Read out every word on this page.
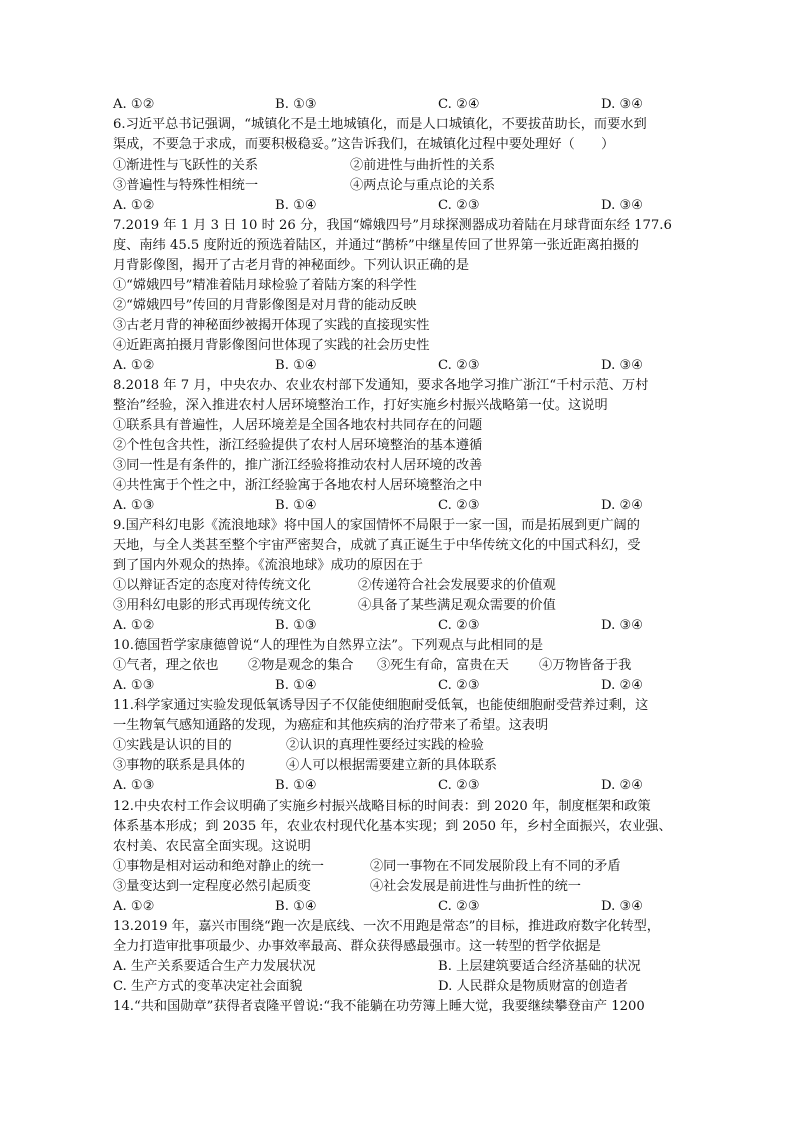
A. ①②	B. ①③	C. ②④	D. ③④
6.习近平总书记强调，“城镇化不是土地城镇化，而是人口城镇化，不要拔苗助长，而要水到
渠成，不要急于求成，而要积极稳妥。”这告诉我们，在城镇化过程中要处理好（　　）
①渐进性与飞跃性的关系	②前进性与曲折性的关系
③普遍性与特殊性相统一	④两点论与重点论的关系
A. ①②	B. ①④	C. ②③	D. ③④
7.2019 年 1 月 3 日 10 时 26 分，我国“嫦娥四号”月球探测器成功着陆在月球背面东经 177.6
度、南纬 45.5 度附近的预选着陆区，并通过“鹊桥”中继星传回了世界第一张近距离拍摄的
月背影像图，揭开了古老月背的神秘面纱。下列认识正确的是
①“嫦娥四号”精准着陆月球检验了着陆方案的科学性
②“嫦娥四号”传回的月背影像图是对月背的能动反映
③古老月背的神秘面纱被揭开体现了实践的直接现实性
④近距离拍摄月背影像图问世体现了实践的社会历史性
A. ①②	B. ①④	C. ②③	D. ③④
8.2018 年 7 月，中央农办、农业农村部下发通知，要求各地学习推广浙江“千村示范、万村
整治”经验，深入推进农村人居环境整治工作，打好实施乡村振兴战略第一仗。这说明
①联系具有普遍性，人居环境差是全国各地农村共同存在的问题
②个性包含共性，浙江经验提供了农村人居环境整治的基本遵循
③同一性是有条件的，推广浙江经验将推动农村人居环境的改善
④共性寓于个性之中，浙江经验寓于各地农村人居环境整治之中
A. ①③	B. ①④	C. ②③	D. ②④
9.国产科幻电影《流浪地球》将中国人的家国情怀不局限于一家一国，而是拓展到更广阔的
天地，与全人类甚至整个宇宙严密契合，成就了真正诞生于中华传统文化的中国式科幻，受
到了国内外观众的热捧。《流浪地球》成功的原因在于
①以辩证否定的态度对待传统文化	②传递符合社会发展要求的价值观
③用科幻电影的形式再现传统文化	④具备了某些满足观众需要的价值
A. ①②	B. ①③	C. ②③	D. ③④
10.德国哲学家康德曾说“人的理性为自然界立法”。下列观点与此相同的是
①气者，理之依也 ②物是观念的集合 ③死生有命，富贵在天 ④万物皆备于我
A. ①③	B. ①④	C. ②③	D. ②④
11.科学家通过实验发现低氧诱导因子不仅能使细胞耐受低氧，也能使细胞耐受营养过剩，这
一生物氧气感知通路的发现，为癌症和其他疾病的治疗带来了希望。这表明
①实践是认识的目的	②认识的真理性要经过实践的检验
③事物的联系是具体的	④人可以根据需要建立新的具体联系
A. ①③	B. ①④	C. ②③	D. ②④
12.中央农村工作会议明确了实施乡村振兴战略目标的时间表：到 2020 年，制度框架和政策
体系基本形成；到 2035 年，农业农村现代化基本实现；到 2050 年，乡村全面振兴，农业强、
农村美、农民富全面实现。这说明
①事物是相对运动和绝对静止的统一	②同一事物在不同发展阶段上有不同的矛盾
③量变达到一定程度必然引起质变	④社会发展是前进性与曲折性的统一
A. ①②	B. ①④	C. ②③	D. ③④
13.2019 年，嘉兴市围绕“跑一次是底线、一次不用跑是常态”的目标，推进政府数字化转型，
全力打造审批事项最少、办事效率最高、群众获得感最强市。这一转型的哲学依据是
A. 生产关系要适合生产力发展状况	B. 上层建筑要适合经济基础的状况
C. 生产方式的变革决定社会面貌	D. 人民群众是物质财富的创造者
14.“共和国勋章”获得者袁隆平曾说:“我不能躺在功劳簿上睡大觉，我要继续攀登亩产 1200
